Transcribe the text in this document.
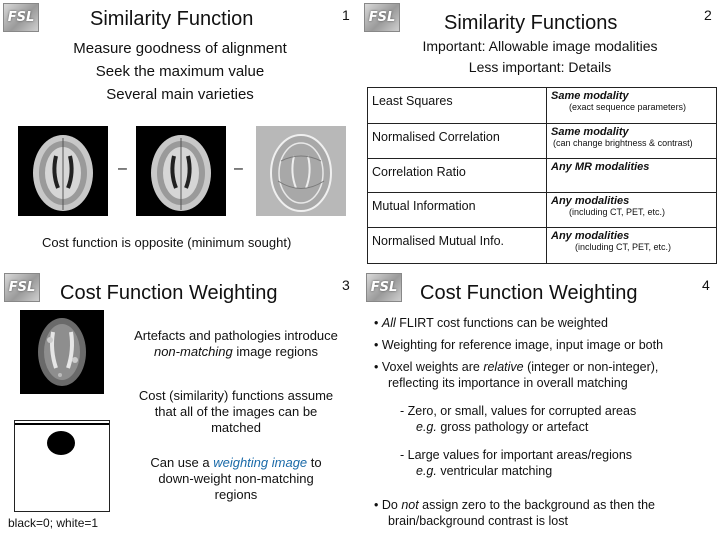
FSL	Similarity Function	1
Measure goodness of alignment
Seek the maximum value
Several main varieties
–	–
Cost function is opposite (minimum sought)
FSL Similarity Functions	2
Important: Allowable image modalities
Less important: Details
Least Squares	Same modality
(exact sequence parameters)

Normalised Correlation	Same modality
(can change brightness & contrast)

Correlation Ratio	Any MR modalities

Mutual Information	Any modalities
(including CT, PET, etc.)

Normalised Mutual Info.	Any modalities
(including CT, PET, etc.)
FSL Cost Function Weighting	3
black=0; white=1
Artefacts and pathologies introduce
non-matching image regions
Cost (similarity) functions assume
that all of the images can be
matched
Can use a weighting image to
down-weight non-matching
regions
FSL Cost Function Weighting	4
• All FLIRT cost functions can be weighted
• Weighting for reference image, input image or both
• Voxel weights are relative (integer or non-integer),
reflecting its importance in overall matching
- Zero, or small, values for corrupted areas
e.g. gross pathology or artefact
- Large values for important areas/regions
e.g. ventricular matching
• Do not assign zero to the background as then the
brain/background contrast is lost
